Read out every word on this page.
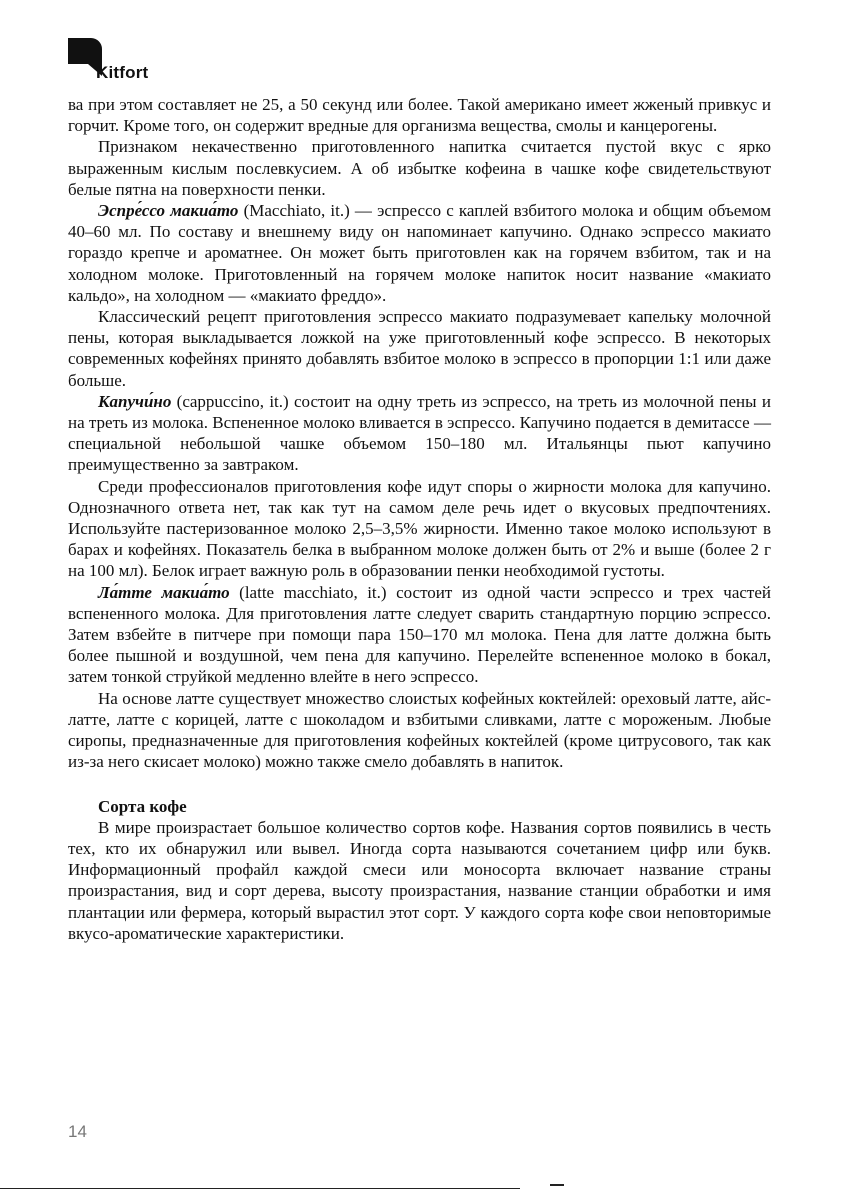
Kitfort

ва при этом составляет не 25, а 50 секунд или более. Такой американо имеет жженый привкус и горчит. Кроме того, он содержит вредные для организма вещества, смолы и канцерогены.

Признаком некачественно приготовленного напитка считается пустой вкус с ярко выраженным кислым послевкусием. А об избытке кофеина в чашке кофе свидетельствуют белые пятна на поверхности пенки.

Эспре́ссо макиа́то (Macchiato, it.) — эспрессо с каплей взбитого молока и общим объемом 40–60 мл. По составу и внешнему виду он напоминает капучино. Однако эспрессо макиато гораздо крепче и ароматнее. Он может быть приготовлен как на горячем взбитом, так и на холодном молоке. Приготовленный на горячем молоке напиток носит название «макиато кальдо», на холодном — «макиато фреддо».

Классический рецепт приготовления эспрессо макиато подразумевает капельку молочной пены, которая выкладывается ложкой на уже приготовленный кофе эспрессо. В некоторых современных кофейнях принято добавлять взбитое молоко в эспрессо в пропорции 1:1 или даже больше.

Капучи́но (cappuccino, it.) состоит на одну треть из эспрессо, на треть из молочной пены и на треть из молока. Вспененное молоко вливается в эспрессо. Капучино подается в демитассе — специальной небольшой чашке объемом 150–180 мл. Итальянцы пьют капучино преимущественно за завтраком.

Среди профессионалов приготовления кофе идут споры о жирности молока для капучино. Однозначного ответа нет, так как тут на самом деле речь идет о вкусовых предпочтениях. Используйте пастеризованное молоко 2,5–3,5% жирности. Именно такое молоко используют в барах и кофейнях. Показатель белка в выбранном молоке должен быть от 2% и выше (более 2 г на 100 мл). Белок играет важную роль в образовании пенки необходимой густоты.

Ла́тте макиа́то (latte macchiato, it.) состоит из одной части эспрессо и трех частей вспененного молока. Для приготовления латте следует сварить стандартную порцию эспрессо. Затем взбейте в питчере при помощи пара 150–170 мл молока. Пена для латте должна быть более пышной и воздушной, чем пена для капучино. Перелейте вспененное молоко в бокал, затем тонкой струйкой медленно влейте в него эспрессо.

На основе латте существует множество слоистых кофейных коктейлей: ореховый латте, айс-латте, латте с корицей, латте с шоколадом и взбитыми сливками, латте с мороженым. Любые сиропы, предназначенные для приготовления кофейных коктейлей (кроме цитрусового, так как из-за него скисает молоко) можно также смело добавлять в напиток.

Сорта кофе

В мире произрастает большое количество сортов кофе. Названия сортов появились в честь тех, кто их обнаружил или вывел. Иногда сорта называются сочетанием цифр или букв. Информационный профайл каждой смеси или моносорта включает название страны произрастания, вид и сорт дерева, высоту произрастания, название станции обработки и имя плантации или фермера, который вырастил этот сорт. У каждого сорта кофе свои неповторимые вкусо-ароматические характеристики.

14
